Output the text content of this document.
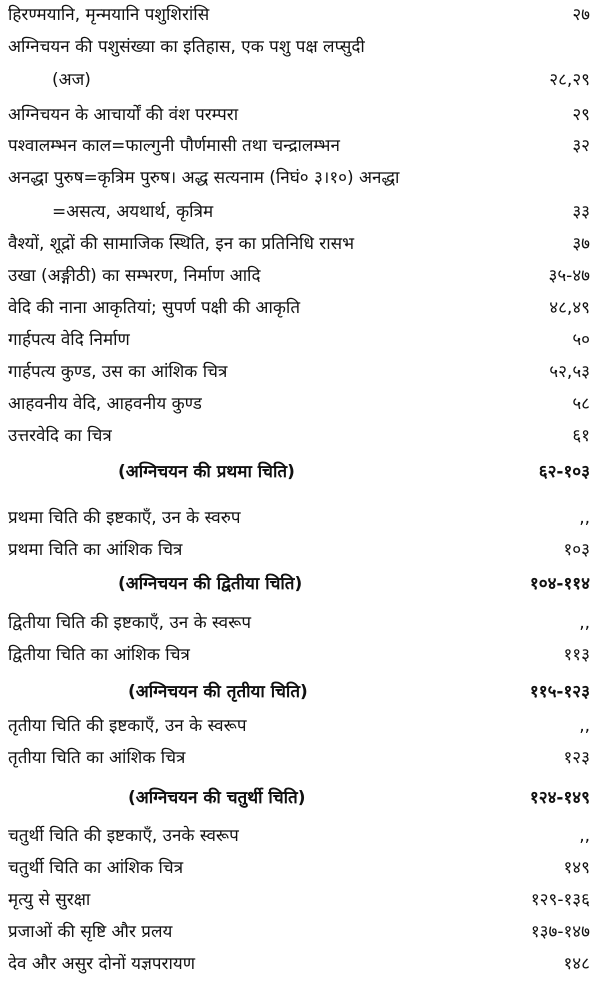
हिरण्मयानि, मृन्मयानि पशुशिरांसि	२७
अग्निचयन की पशुसंख्या का इतिहास, एक पशु पक्ष लप्सुदी
(अज)	२८,२९
अग्निचयन के आचार्यों की वंश परम्परा	२९
पश्वालम्भन काल=फाल्गुनी पौर्णमासी तथा चन्द्रालम्भन	३२
अनद्धा पुरुष=कृत्रिम पुरुष। अद्ध सत्यनाम (निघं० ३।१०) अनद्धा
=असत्य, अयथार्थ, कृत्रिम	३३
वैश्यों, शूद्रों की सामाजिक स्थिति, इन का प्रतिनिधि रासभ	३७
उखा (अङ्गीठी) का सम्भरण, निर्माण आदि	३५-४७
वेदि की नाना आकृतियां; सुपर्ण पक्षी की आकृति	४८,४९
गार्हपत्य वेदि निर्माण	५०
गार्हपत्य कुण्ड, उस का आंशिक चित्र	५२,५३
आहवनीय वेदि, आहवनीय कुण्ड	५८
उत्तरवेदि का चित्र	६१
(अग्निचयन की प्रथमा चिति)	६२-१०३
प्रथमा चिति की इष्टकाएँ, उन के स्वरुप	,,
प्रथमा चिति का आंशिक चित्र	१०३
(अग्निचयन की द्वितीया चिति)	१०४-११४
द्वितीया चिति की इष्टकाएँ, उन के स्वरूप	,,
द्वितीया चिति का आंशिक चित्र	११३
(अग्निचयन की तृतीया चिति)	११५-१२३
तृतीया चिति की इष्टकाएँ, उन के स्वरूप	,,
तृतीया चिति का आंशिक चित्र	१२३
(अग्निचयन की चतुर्थी चिति)	१२४-१४९
चतुर्थी चिति की इष्टकाएँ, उनके स्वरूप	,,
चतुर्थी चिति का आंशिक चित्र	१४९
मृत्यु से सुरक्षा	१२९-१३६
प्रजाओं की सृष्टि और प्रलय	१३७-१४७
देव और असुर दोनों यज्ञपरायण	१४८
